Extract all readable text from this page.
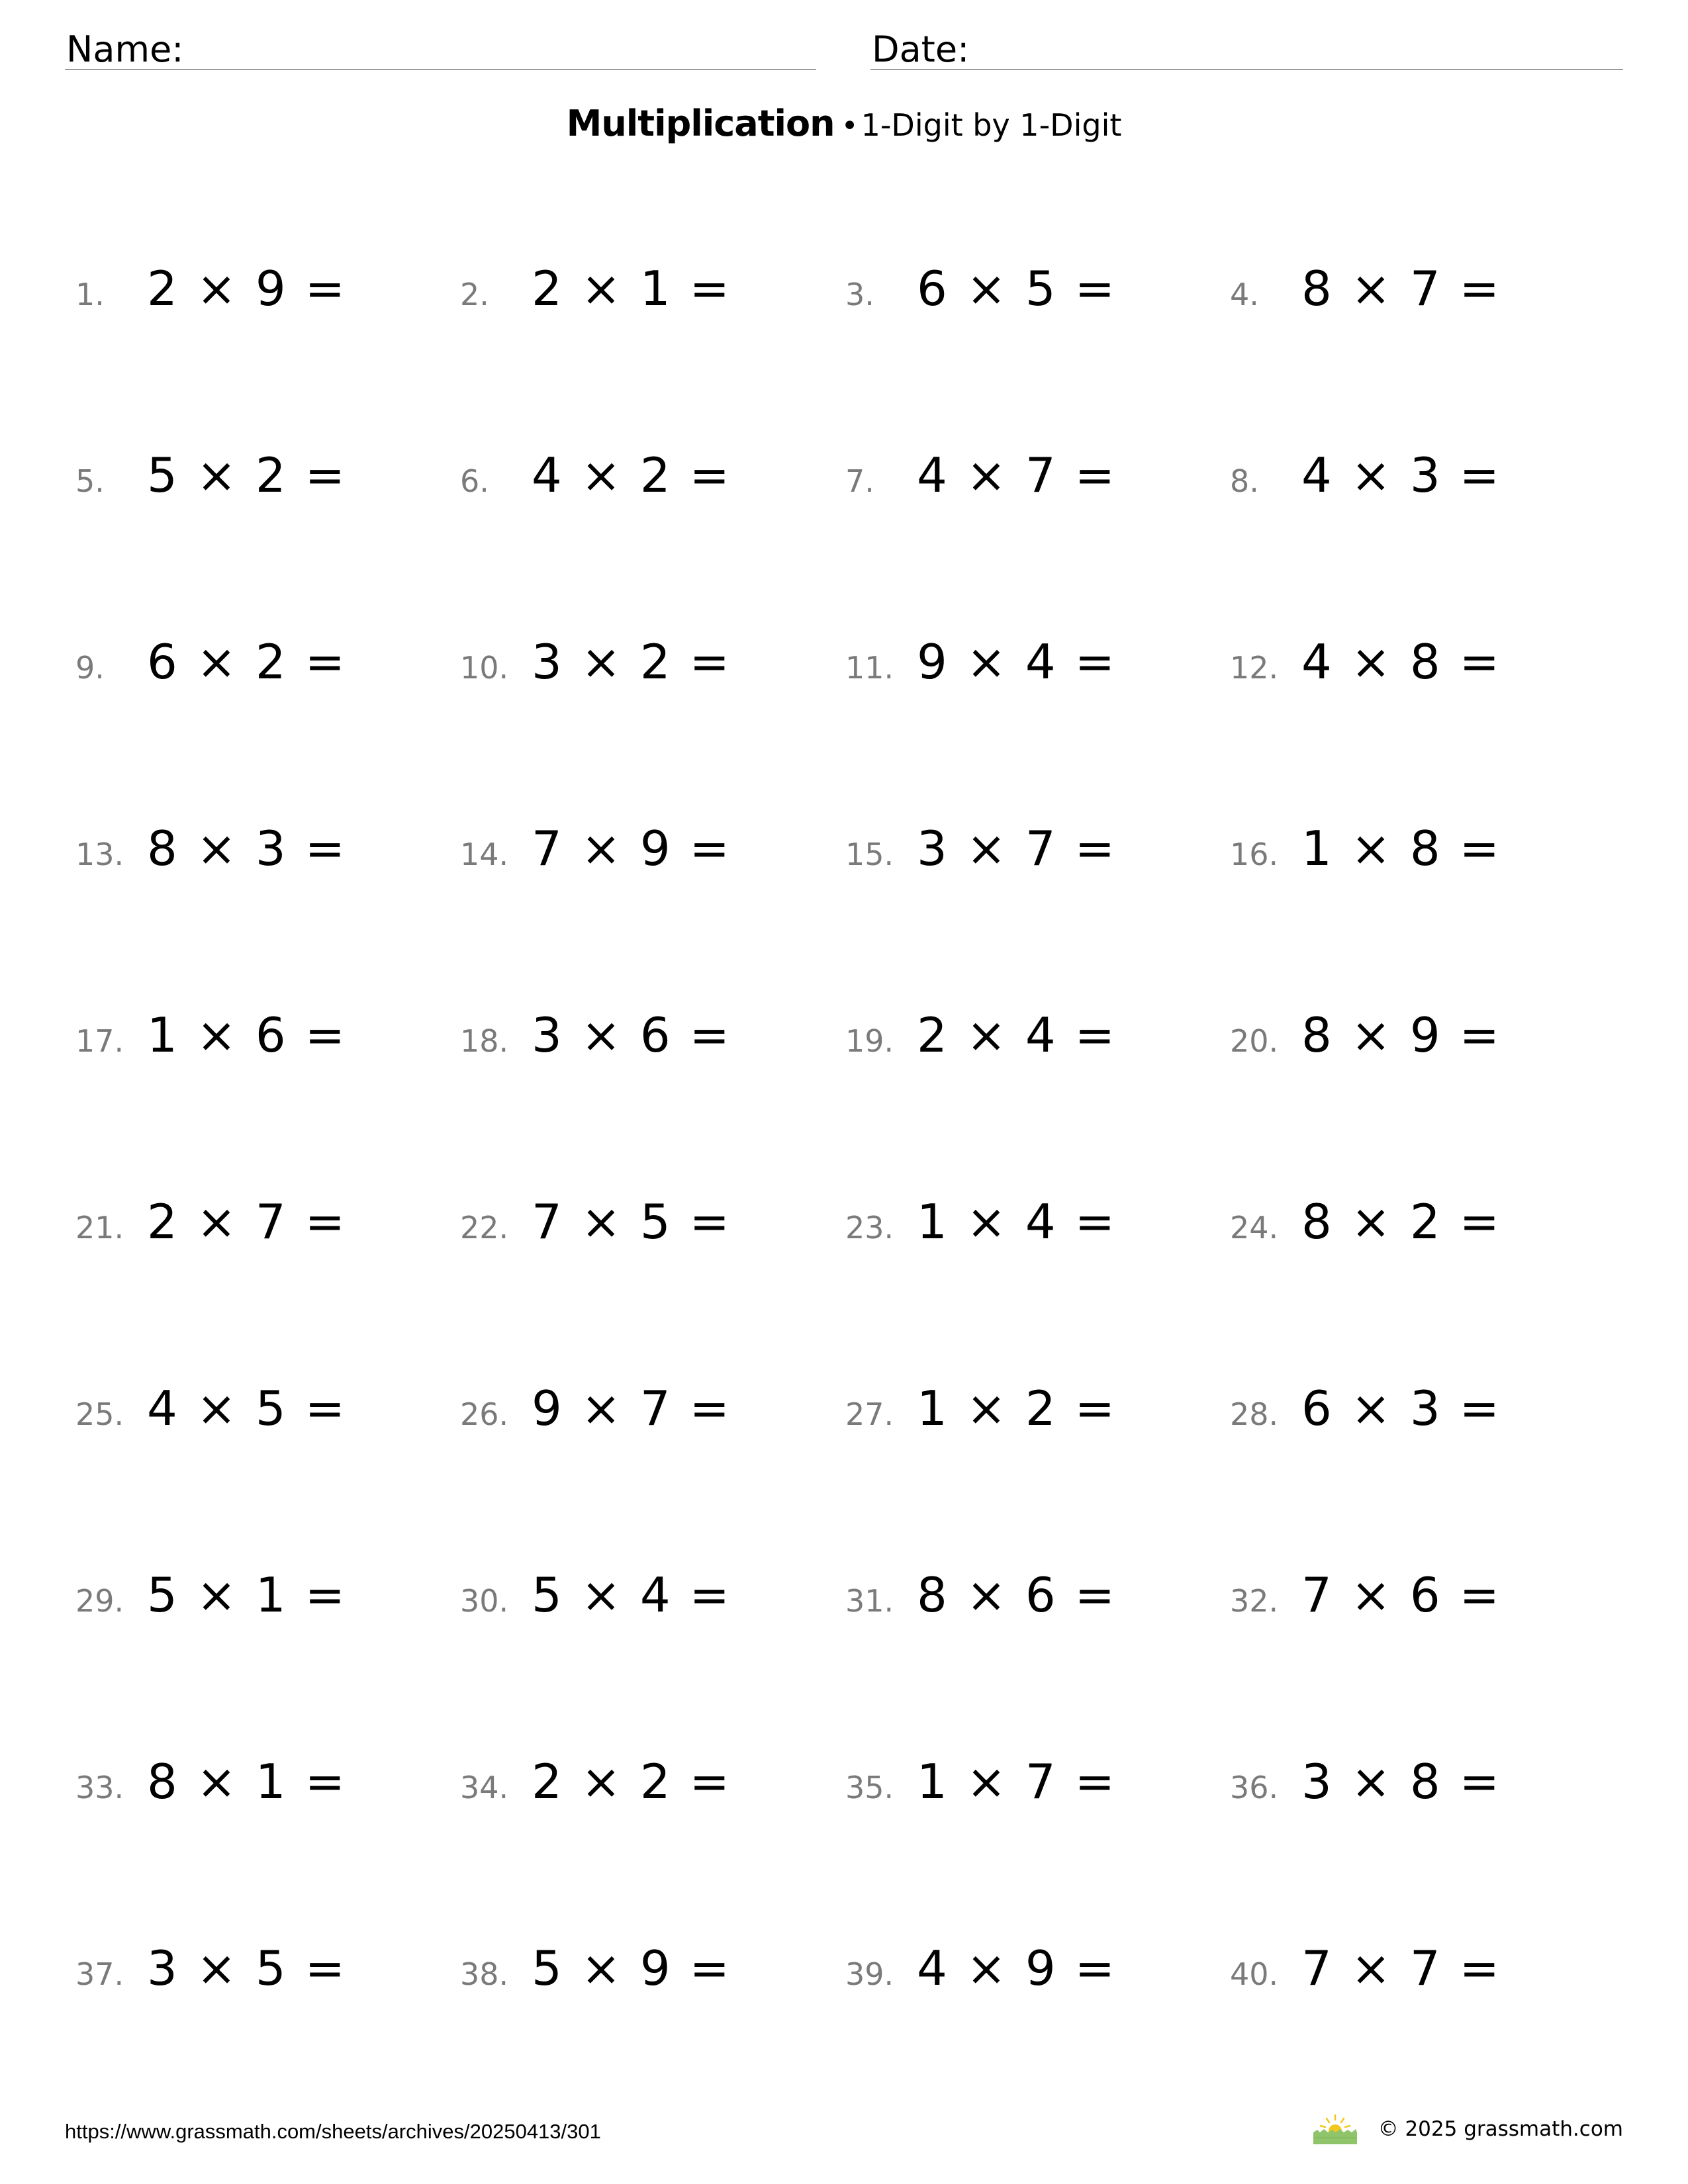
Name:	Date:
Multiplication •1-Digit by 1-Digit
1. 2 × 9 =	2. 2 × 1 =	3. 6 × 5 =	4. 8 × 7 =
5. 5 × 2 =	6. 4 × 2 =	7. 4 × 7 =	8. 4 × 3 =
9. 6 × 2 =	10. 3 × 2 =	11. 9 × 4 =	12. 4 × 8 =
13. 8 × 3 =	14. 7 × 9 =	15. 3 × 7 =	16. 1 × 8 =
17. 1 × 6 =	18. 3 × 6 =	19. 2 × 4 =	20. 8 × 9 =
21. 2 × 7 =	22. 7 × 5 =	23. 1 × 4 =	24. 8 × 2 =
25. 4 × 5 =	26. 9 × 7 =	27. 1 × 2 =	28. 6 × 3 =
29. 5 × 1 =	30. 5 × 4 =	31. 8 × 6 =	32. 7 × 6 =
33. 8 × 1 =	34. 2 × 2 =	35. 1 × 7 =	36. 3 × 8 =
37. 3 × 5 =	38. 5 × 9 =	39. 4 × 9 =	40. 7 × 7 =
https://www.grassmath.com/sheets/archives/20250413/301	© 2025 grassmath.com
